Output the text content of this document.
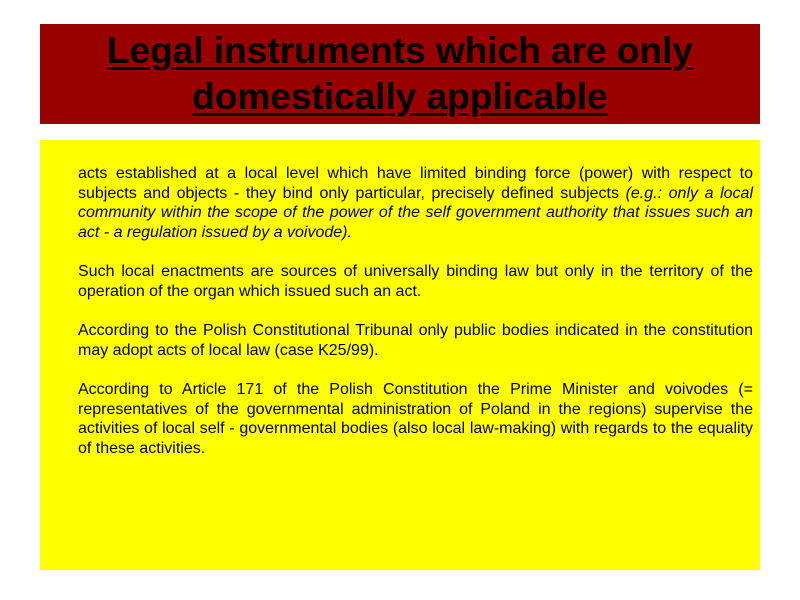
Legal instruments which are only domestically applicable

acts established at a local level which have limited binding force (power) with respect to subjects and objects - they bind only particular, precisely defined subjects (e.g.: only a local community within the scope of the power of the self government authority that issues such an act - a regulation issued by a voivode).

Such local enactments are sources of universally binding law but only in the territory of the operation of the organ which issued such an act.

According to the Polish Constitutional Tribunal only public bodies indicated in the constitution may adopt acts of local law (case K25/99).

According to Article 171 of the Polish Constitution the Prime Minister and voivodes (= representatives of the governmental administration of Poland in the regions) supervise the activities of local self - governmental bodies (also local law-making) with regards to the equality of these activities.
